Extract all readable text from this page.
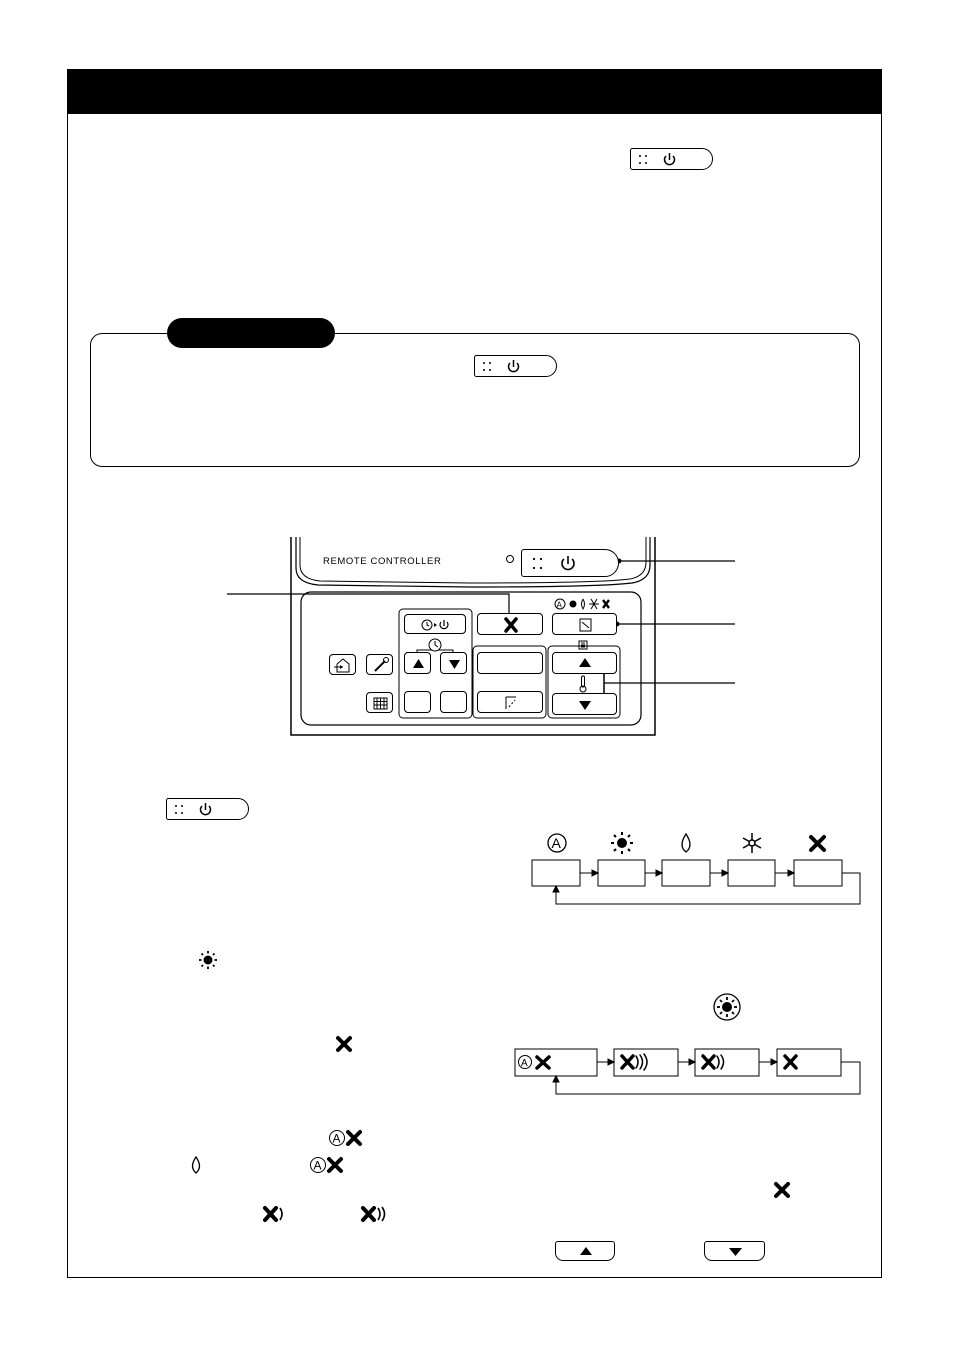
A
REMOTE CONTROLLER
A
A
A
A
